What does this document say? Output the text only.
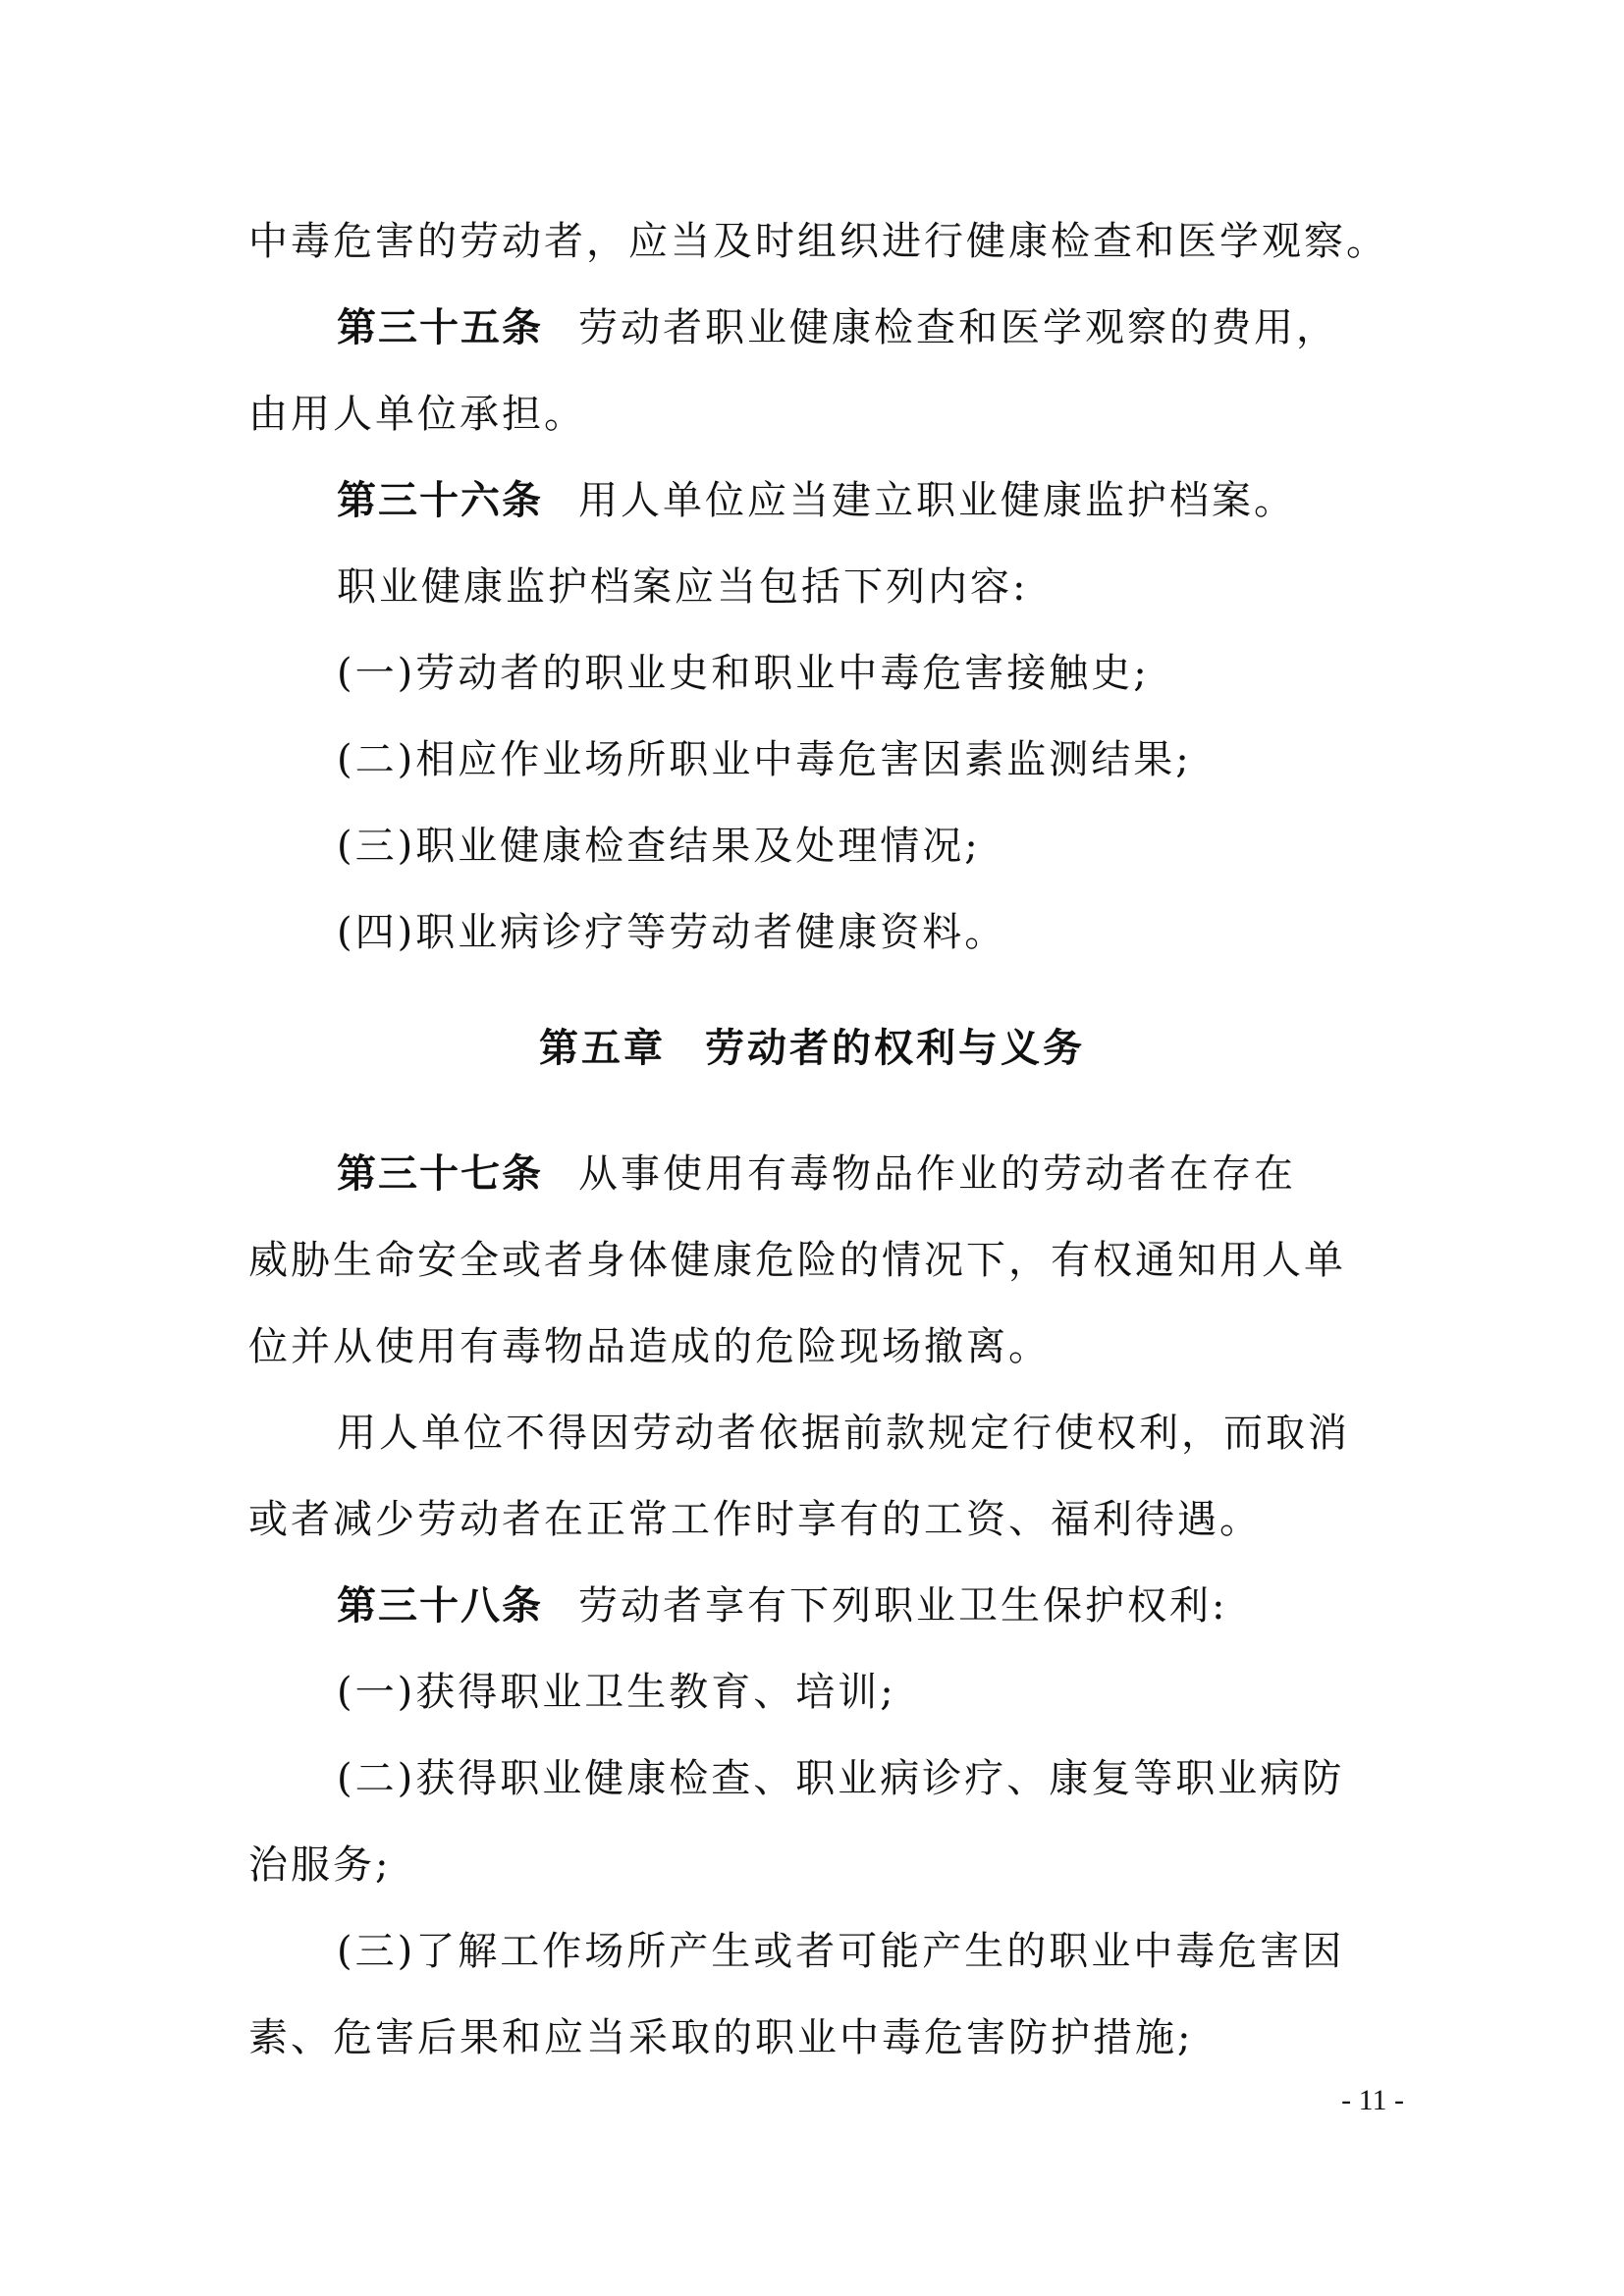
中毒危害的劳动者，应当及时组织进行健康检查和医学观察。
第三十五条 劳动者职业健康检查和医学观察的费用，
由用人单位承担。
第三十六条 用人单位应当建立职业健康监护档案。
职业健康监护档案应当包括下列内容:
(一)劳动者的职业史和职业中毒危害接触史;
(二)相应作业场所职业中毒危害因素监测结果;
(三)职业健康检查结果及处理情况;
(四)职业病诊疗等劳动者健康资料。
第五章 劳动者的权利与义务
第三十七条 从事使用有毒物品作业的劳动者在存在
威胁生命安全或者身体健康危险的情况下，有权通知用人单
位并从使用有毒物品造成的危险现场撤离。
用人单位不得因劳动者依据前款规定行使权利，而取消
或者减少劳动者在正常工作时享有的工资、福利待遇。
第三十八条 劳动者享有下列职业卫生保护权利:
(一)获得职业卫生教育、培训;
(二)获得职业健康检查、职业病诊疗、康复等职业病防
治服务;
(三)了解工作场所产生或者可能产生的职业中毒危害因
素、危害后果和应当采取的职业中毒危害防护措施;
- 11 -
